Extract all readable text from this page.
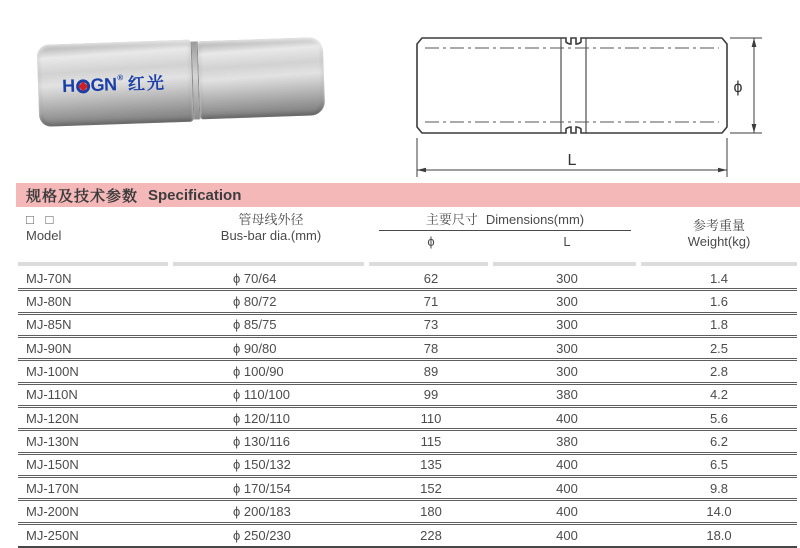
H GN® 红光	ϕ
L
规格及技术参数 Specification
□ □
Model
管母线外径
Bus-bar dia.(mm)
主要尺寸 Dimensions(mm)
ϕ	L
参考重量
Weight(kg)
MJ-70N	ϕ 70/64	62	300	1.4
MJ-80N	ϕ 80/72	71	300	1.6
MJ-85N	ϕ 85/75	73	300	1.8
MJ-90N	ϕ 90/80	78	300	2.5
MJ-100N	ϕ 100/90	89	300	2.8
MJ-110N	ϕ 110/100	99	380	4.2
MJ-120N	ϕ 120/110	110	400	5.6
MJ-130N	ϕ 130/116	115	380	6.2
MJ-150N	ϕ 150/132	135	400	6.5
MJ-170N	ϕ 170/154	152	400	9.8
MJ-200N	ϕ 200/183	180	400	14.0
MJ-250N	ϕ 250/230	228	400	18.0
